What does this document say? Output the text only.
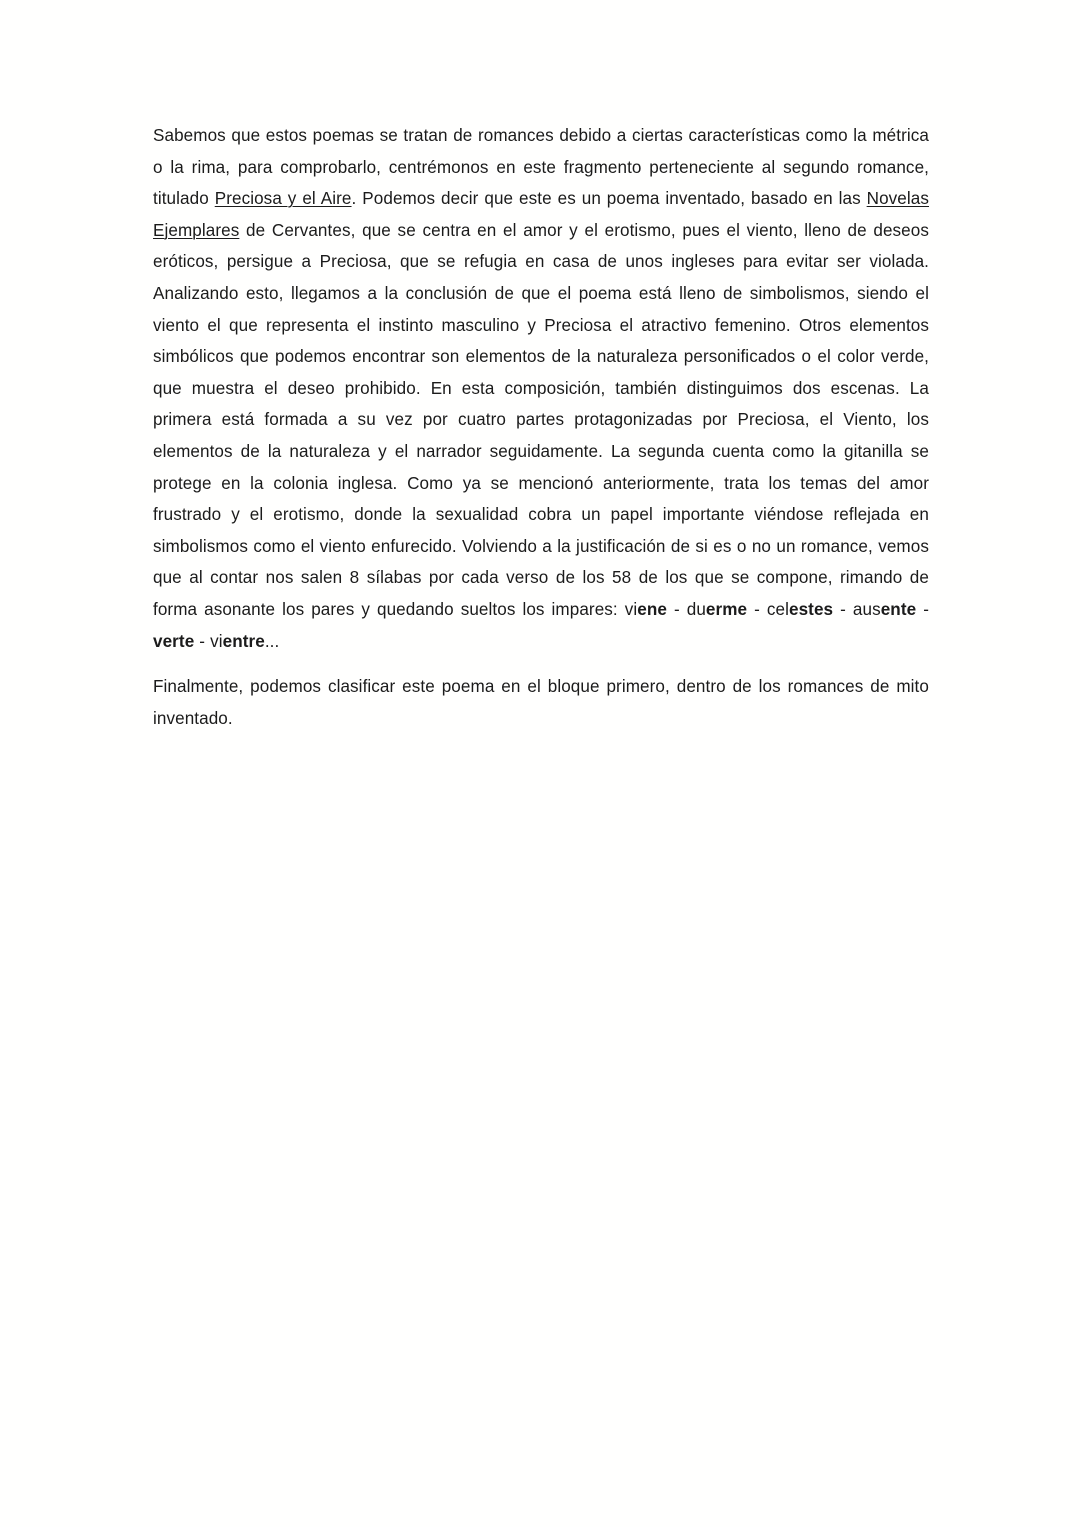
Sabemos que estos poemas se tratan de romances debido a ciertas características como la métrica o la rima, para comprobarlo, centrémonos en este fragmento perteneciente al segundo romance, titulado Preciosa y el Aire. Podemos decir que este es un poema inventado, basado en las Novelas Ejemplares de Cervantes, que se centra en el amor y el erotismo, pues el viento, lleno de deseos eróticos, persigue a Preciosa, que se refugia en casa de unos ingleses para evitar ser violada. Analizando esto, llegamos a la conclusión de que el poema está lleno de simbolismos, siendo el viento el que representa el instinto masculino y Preciosa el atractivo femenino. Otros elementos simbólicos que podemos encontrar son elementos de la naturaleza personificados o el color verde, que muestra el deseo prohibido. En esta composición, también distinguimos dos escenas. La primera está formada a su vez por cuatro partes protagonizadas por Preciosa, el Viento, los elementos de la naturaleza y el narrador seguidamente. La segunda cuenta como la gitanilla se protege en la colonia inglesa. Como ya se mencionó anteriormente, trata los temas del amor frustrado y el erotismo, donde la sexualidad cobra un papel importante viéndose reflejada en simbolismos como el viento enfurecido. Volviendo a la justificación de si es o no un romance, vemos que al contar nos salen 8 sílabas por cada verso de los 58 de los que se compone, rimando de forma asonante los pares y quedando sueltos los impares: viene - duerme - celestes - ausente - verte - vientre...

Finalmente, podemos clasificar este poema en el bloque primero, dentro de los romances de mito inventado.
